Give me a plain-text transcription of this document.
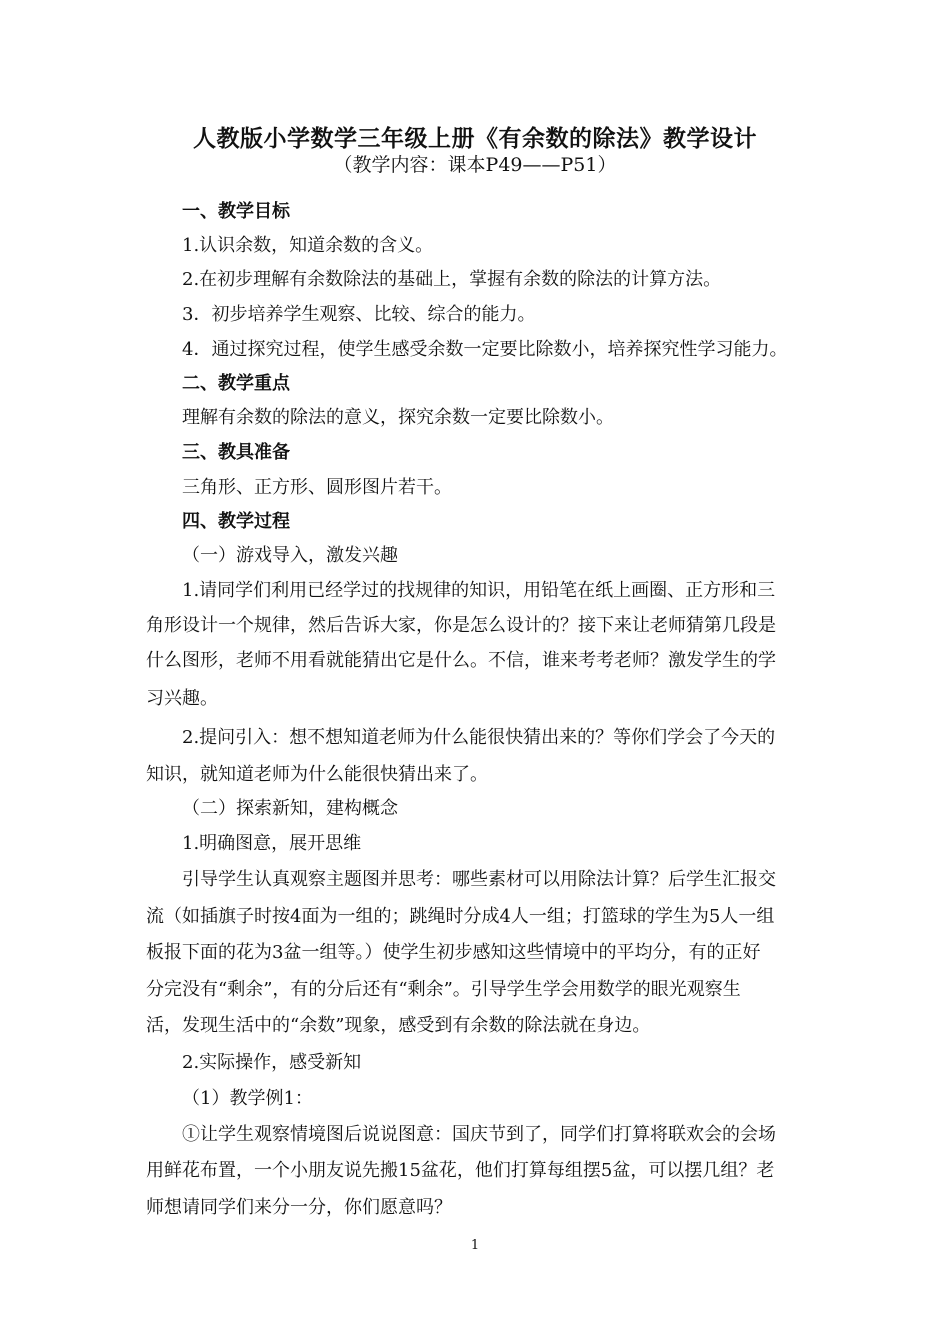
人教版小学数学三年级上册《有余数的除法》教学设计
（教学内容：课本P49——P51）
一、教学目标
1.认识余数，知道余数的含义。
2.在初步理解有余数除法的基础上，掌握有余数的除法的计算方法。
3．初步培养学生观察、比较、综合的能力。
4．通过探究过程，使学生感受余数一定要比除数小，培养探究性学习能力。
二、教学重点
理解有余数的除法的意义，探究余数一定要比除数小。
三、教具准备
三角形、正方形、圆形图片若干。
四、教学过程
（一）游戏导入，激发兴趣
1.请同学们利用已经学过的找规律的知识，用铅笔在纸上画圈、正方形和三
角形设计一个规律，然后告诉大家，你是怎么设计的？接下来让老师猜第几段是
什么图形，老师不用看就能猜出它是什么。不信，谁来考考老师？激发学生的学
习兴趣。
2.提问引入：想不想知道老师为什么能很快猜出来的？等你们学会了今天的
知识，就知道老师为什么能很快猜出来了。
（二）探索新知，建构概念
1.明确图意，展开思维
引导学生认真观察主题图并思考：哪些素材可以用除法计算？后学生汇报交
流（如插旗子时按4面为一组的；跳绳时分成4人一组；打篮球的学生为5人一组
板报下面的花为3盆一组等。）使学生初步感知这些情境中的平均分，有的正好
分完没有“剩余”，有的分后还有“剩余”。引导学生学会用数学的眼光观察生
活，发现生活中的“余数”现象，感受到有余数的除法就在身边。
2.实际操作，感受新知
（1）教学例1：
①让学生观察情境图后说说图意：国庆节到了，同学们打算将联欢会的会场
用鲜花布置，一个小朋友说先搬15盆花，他们打算每组摆5盆，可以摆几组？老
师想请同学们来分一分，你们愿意吗？
1
